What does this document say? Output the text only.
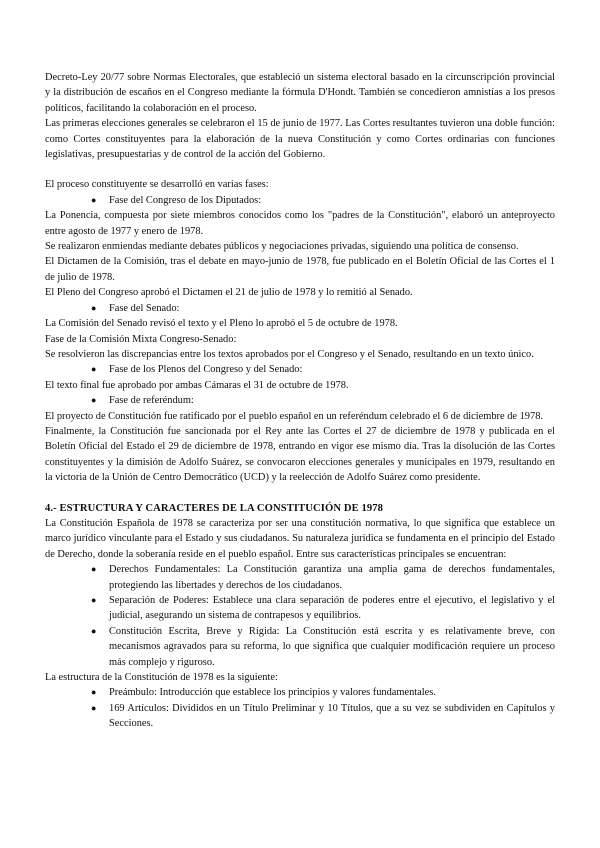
Decreto-Ley 20/77 sobre Normas Electorales, que estableció un sistema electoral basado en la circunscripción provincial y la distribución de escaños en el Congreso mediante la fórmula D'Hondt. También se concedieron amnistías a los presos políticos, facilitando la colaboración en el proceso.

Las primeras elecciones generales se celebraron el 15 de junio de 1977. Las Cortes resultantes tuvieron una doble función: como Cortes constituyentes para la elaboración de la nueva Constitución y como Cortes ordinarias con funciones legislativas, presupuestarias y de control de la acción del Gobierno.

El proceso constituyente se desarrolló en varias fases:

● Fase del Congreso de los Diputados:

La Ponencia, compuesta por siete miembros conocidos como los "padres de la Constitución", elaboró un anteproyecto entre agosto de 1977 y enero de 1978.

Se realizaron enmiendas mediante debates públicos y negociaciones privadas, siguiendo una política de consenso.

El Dictamen de la Comisión, tras el debate en mayo-junio de 1978, fue publicado en el Boletín Oficial de las Cortes el 1 de julio de 1978.

El Pleno del Congreso aprobó el Dictamen el 21 de julio de 1978 y lo remitió al Senado.

● Fase del Senado:

La Comisión del Senado revisó el texto y el Pleno lo aprobó el 5 de octubre de 1978.

Fase de la Comisión Mixta Congreso-Senado:

Se resolvieron las discrepancias entre los textos aprobados por el Congreso y el Senado, resultando en un texto único.

● Fase de los Plenos del Congreso y del Senado:

El texto final fue aprobado por ambas Cámaras el 31 de octubre de 1978.

● Fase de referéndum:

El proyecto de Constitución fue ratificado por el pueblo español en un referéndum celebrado el 6 de diciembre de 1978.

Finalmente, la Constitución fue sancionada por el Rey ante las Cortes el 27 de diciembre de 1978 y publicada en el Boletín Oficial del Estado el 29 de diciembre de 1978, entrando en vigor ese mismo día. Tras la disolución de las Cortes constituyentes y la dimisión de Adolfo Suárez, se convocaron elecciones generales y municipales en 1979, resultando en la victoria de la Unión de Centro Democrático (UCD) y la reelección de Adolfo Suárez como presidente.

4.- ESTRUCTURA Y CARACTERES DE LA CONSTITUCIÓN DE 1978

La Constitución Española de 1978 se caracteriza por ser una constitución normativa, lo que significa que establece un marco jurídico vinculante para el Estado y sus ciudadanos. Su naturaleza jurídica se fundamenta en el principio del Estado de Derecho, donde la soberanía reside en el pueblo español. Entre sus características principales se encuentran:

● Derechos Fundamentales: La Constitución garantiza una amplia gama de derechos fundamentales, protegiendo las libertades y derechos de los ciudadanos.
● Separación de Poderes: Establece una clara separación de poderes entre el ejecutivo, el legislativo y el judicial, asegurando un sistema de contrapesos y equilibrios.
● Constitución Escrita, Breve y Rígida: La Constitución está escrita y es relativamente breve, con mecanismos agravados para su reforma, lo que significa que cualquier modificación requiere un proceso más complejo y riguroso.

La estructura de la Constitución de 1978 es la siguiente:

● Preámbulo: Introducción que establece los principios y valores fundamentales.
● 169 Artículos: Divididos en un Título Preliminar y 10 Títulos, que a su vez se subdividen en Capítulos y Secciones.
